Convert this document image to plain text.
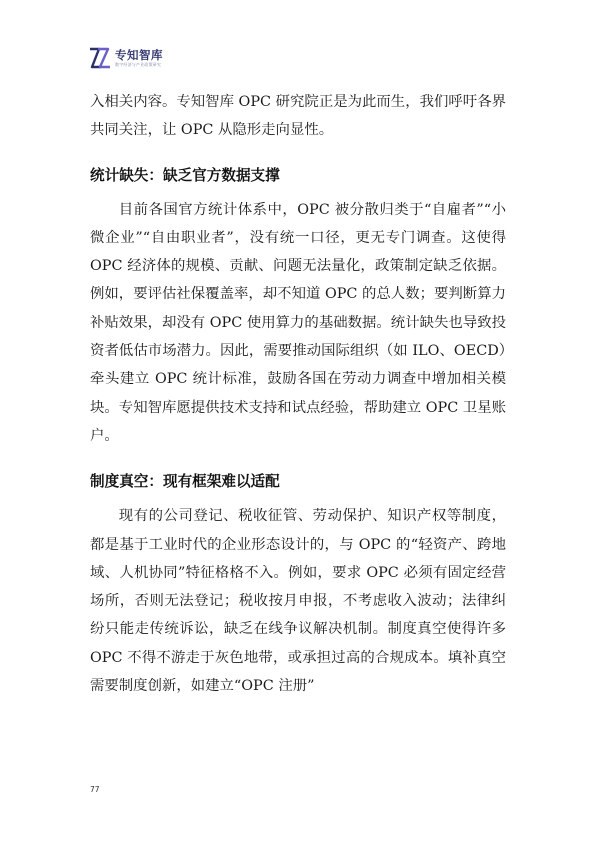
专知智库
数字经济与产业政策研究

入相关内容。专知智库 OPC 研究院正是为此而生，我们呼吁各界共同关注，让 OPC 从隐形走向显性。

统计缺失：缺乏官方数据支撑

目前各国官方统计体系中，OPC 被分散归类于“自雇者”“小微企业”“自由职业者”，没有统一口径，更无专门调查。这使得 OPC 经济体的规模、贡献、问题无法量化，政策制定缺乏依据。例如，要评估社保覆盖率，却不知道 OPC 的总人数；要判断算力补贴效果，却没有 OPC 使用算力的基础数据。统计缺失也导致投资者低估市场潜力。因此，需要推动国际组织（如 ILO、OECD）牵头建立 OPC 统计标准，鼓励各国在劳动力调查中增加相关模块。专知智库愿提供技术支持和试点经验，帮助建立 OPC 卫星账户。

制度真空：现有框架难以适配

现有的公司登记、税收征管、劳动保护、知识产权等制度，都是基于工业时代的企业形态设计的，与 OPC 的“轻资产、跨地域、人机协同”特征格格不入。例如，要求 OPC 必须有固定经营场所，否则无法登记；税收按月申报，不考虑收入波动；法律纠纷只能走传统诉讼，缺乏在线争议解决机制。制度真空使得许多 OPC 不得不游走于灰色地带，或承担过高的合规成本。填补真空需要制度创新，如建立“OPC 注册”

77
